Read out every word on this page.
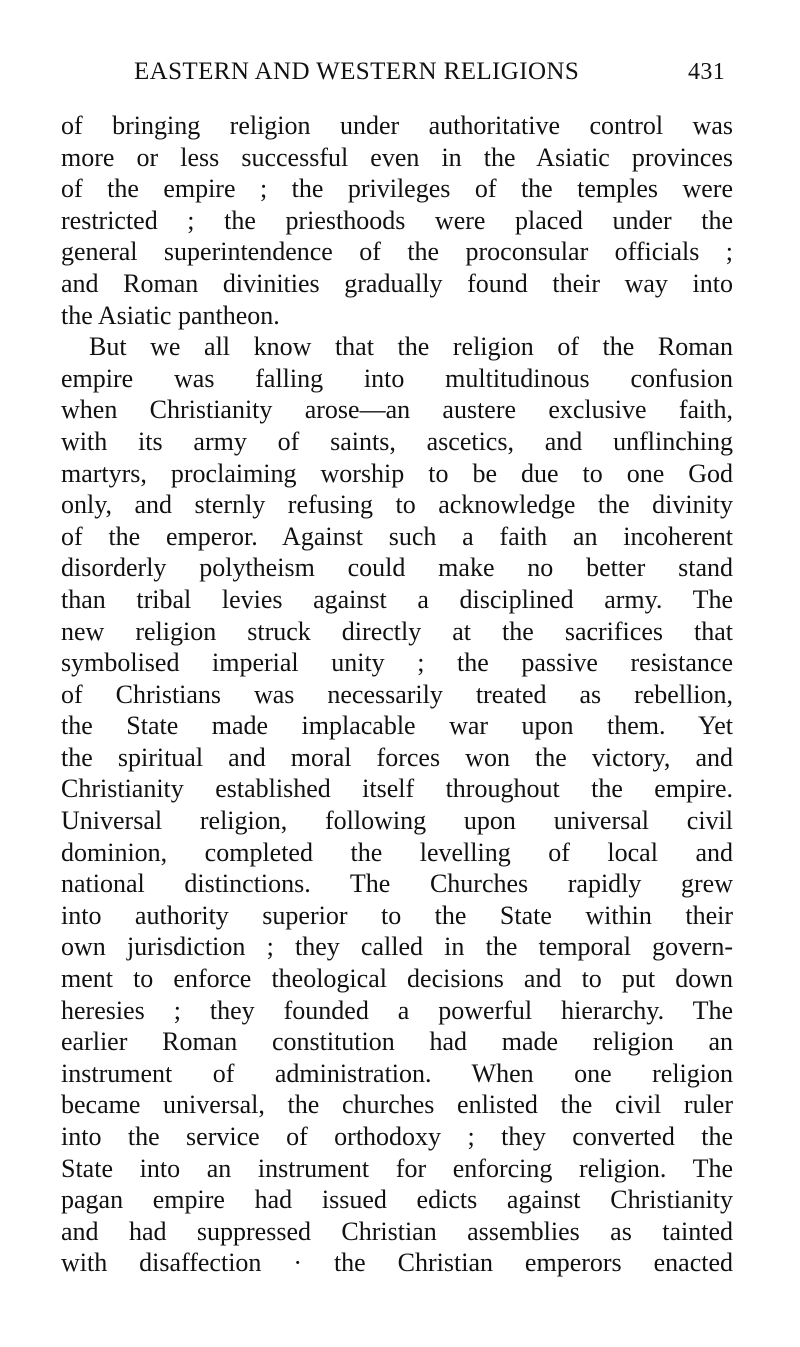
EASTERN AND WESTERN RELIGIONS	431
of bringing religion under authoritative control was
more or less successful even in the Asiatic provinces
of the empire ; the privileges of the temples were
restricted ; the priesthoods were placed under the
general superintendence of the proconsular officials ;
and Roman divinities gradually found their way into
the Asiatic pantheon.
But we all know that the religion of the Roman
empire was falling into multitudinous confusion
when Christianity arose—an austere exclusive faith,
with its army of saints, ascetics, and unflinching
martyrs, proclaiming worship to be due to one God
only, and sternly refusing to acknowledge the divinity
of the emperor. Against such a faith an incoherent
disorderly polytheism could make no better stand
than tribal levies against a disciplined army. The
new religion struck directly at the sacrifices that
symbolised imperial unity ; the passive resistance
of Christians was necessarily treated as rebellion,
the State made implacable war upon them. Yet
the spiritual and moral forces won the victory, and
Christianity established itself throughout the empire.
Universal religion, following upon universal civil
dominion, completed the levelling of local and
national distinctions. The Churches rapidly grew
into authority superior to the State within their
own jurisdiction ; they called in the temporal govern-
ment to enforce theological decisions and to put down
heresies ; they founded a powerful hierarchy. The
earlier Roman constitution had made religion an
instrument of administration. When one religion
became universal, the churches enlisted the civil ruler
into the service of orthodoxy ; they converted the
State into an instrument for enforcing religion. The
pagan empire had issued edicts against Christianity
and had suppressed Christian assemblies as tainted
with disaffection · the Christian emperors enacted
